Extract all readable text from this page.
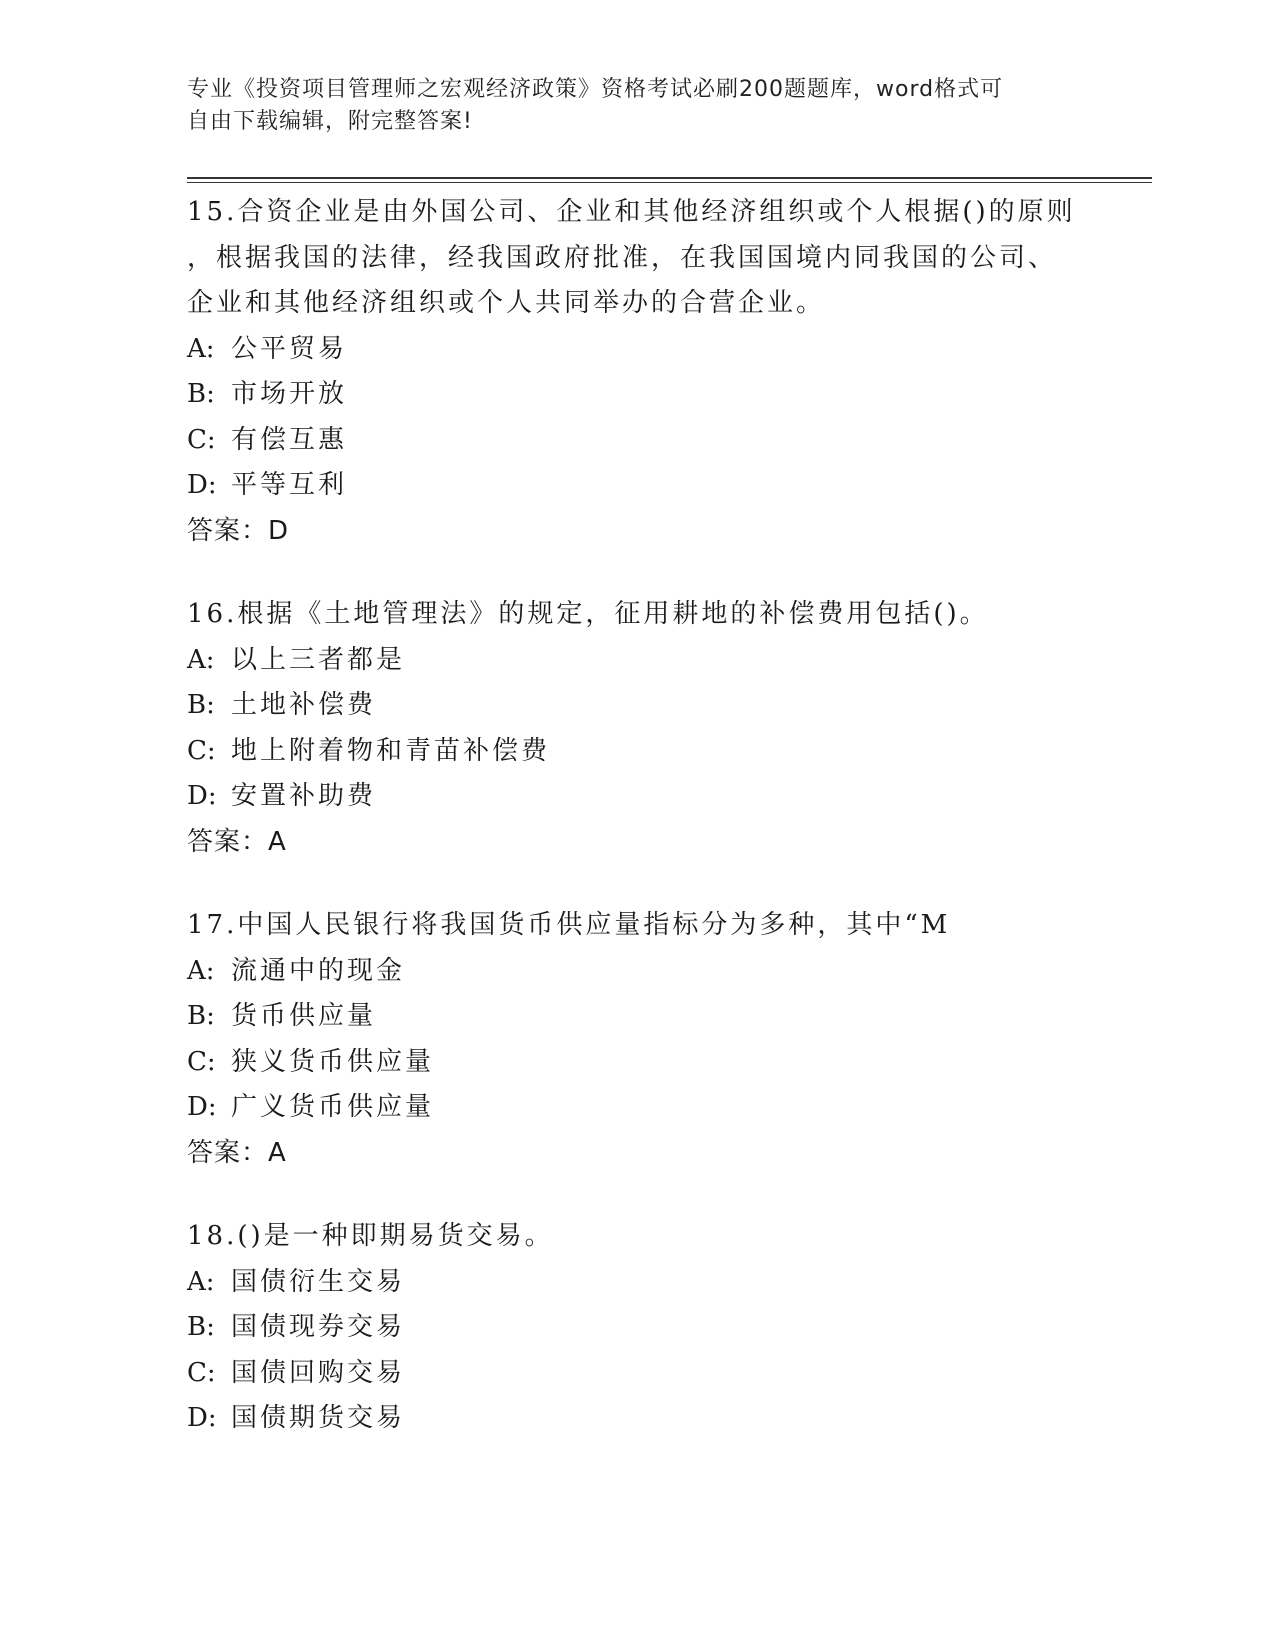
专业《投资项目管理师之宏观经济政策》资格考试必刷200题题库，word格式可
自由下载编辑，附完整答案!

15.合资企业是由外国公司、企业和其他经济组织或个人根据()的原则

，根据我国的法律，经我国政府批准，在我国国境内同我国的公司、

企业和其他经济组织或个人共同举办的合营企业。

A: 公平贸易

B: 市场开放

C: 有偿互惠

D: 平等互利

答案：D

16.根据《土地管理法》的规定，征用耕地的补偿费用包括()。

A: 以上三者都是

B: 土地补偿费

C: 地上附着物和青苗补偿费

D: 安置补助费

答案：A

17.中国人民银行将我国货币供应量指标分为多种，其中“M

A: 流通中的现金

B: 货币供应量

C: 狭义货币供应量

D: 广义货币供应量

答案：A

18.()是一种即期易货交易。

A: 国债衍生交易

B: 国债现券交易

C: 国债回购交易

D: 国债期货交易
